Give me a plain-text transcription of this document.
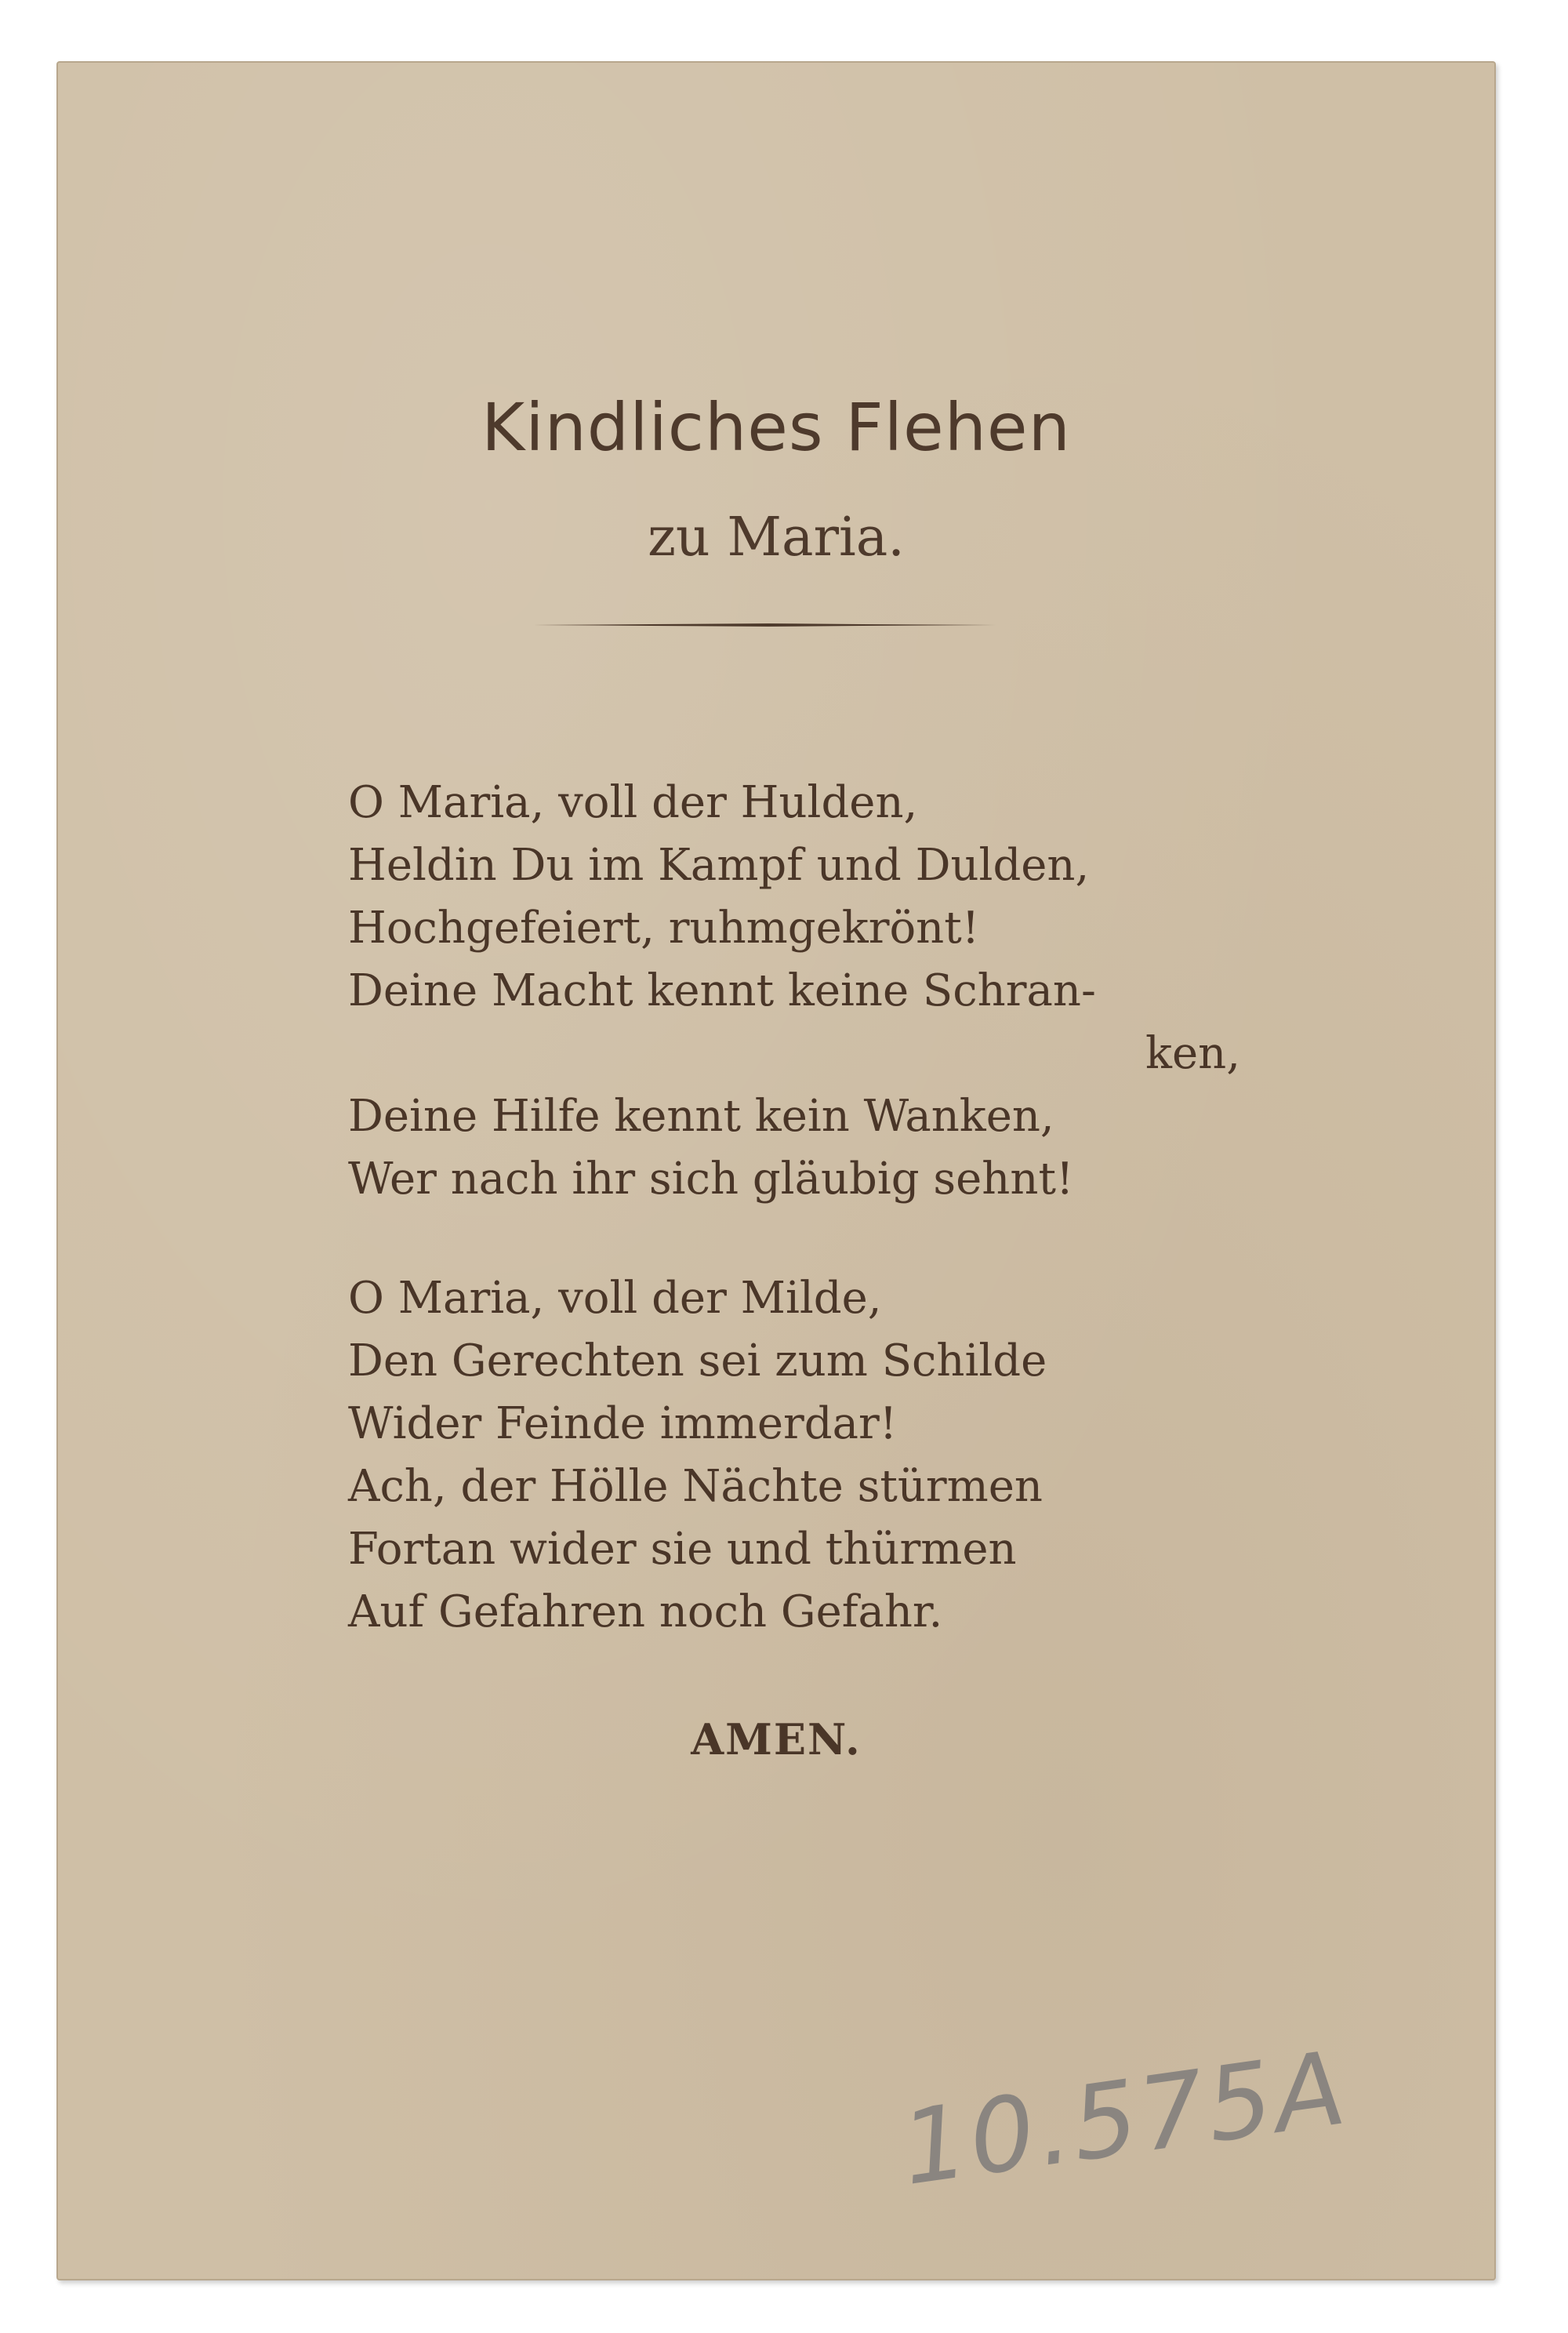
Kindliches Flehen
zu Maria.
O Maria, voll der Hulden,
Heldin Du im Kampf und Dulden,
Hochgefeiert, ruhmgekrönt!
Deine Macht kennt keine Schran-
ken,
Deine Hilfe kennt kein Wanken,
Wer nach ihr sich gläubig sehnt!
O Maria, voll der Milde,
Den Gerechten sei zum Schilde
Wider Feinde immerdar!
Ach, der Hölle Nächte stürmen
Fortan wider sie und thürmen
Auf Gefahren noch Gefahr.
AMEN.
10.575A
